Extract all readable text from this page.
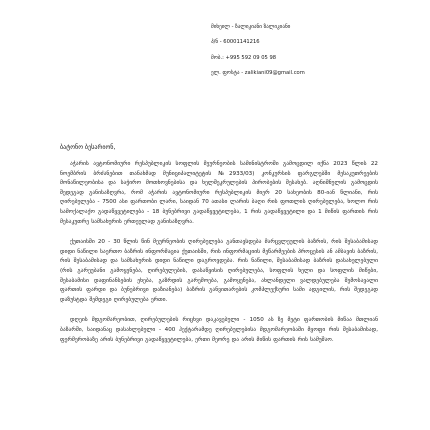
მიხეილ - ზალიკიანი ზალიკიანი
პ/ნ - 60001141216
მობ.: +995 592 09 05 98
ელ. ფოსტა - zalikiani09@gmail.com
ბატონო ბესარიონ,

აჭარის ავტონომიური რესპუბლიკის სოფლის მეურნეობის სამინისტროში გამოცდილ იქნა 2023 წლის 22 ნოემბრის ბრძანებით თანახმად მუნიციპალიტეტის №2933/03) კონკურსის ფარგლებში მესაკუთრეების მონაწილეობისა და საჭირო მოთხოვნებისა და ხელშეკრულების პირობების შესახებ. აღნიშნულის გამოცდის შედეგად განისაზღვრა, რომ აჭარის ავტონომიური რესპუბლიკის მიერ 20 სახეობის 80-იან წლიანი, რის ღირებულება - 7500 ასი ფართობი ლარი, საიდან 70 ათასი ლარის ბაღი რის ფოთლის ღირებულება, ხოლო რის სამოქალაქო გადაწყვეტილება - 18 ბუნებრივი გადაწყვეტილება, 1 რის გადაწყვეტილი და 1 მიწის ფართის რის მესაკუთრე სამსახურის ერთეულად განისაზღვრა.

ქუთაისში 20 - 30 წლის წინ მეურნეობის ღირებულება განთავსდება მარცვლეულის ბაზრის, რის შესაბამისად დიდი ნაწილი საერთო ბაზრის ინფორმაცია ქუთაისში, რის ინფორმაციის მეწარმეების პროცესის ან ამბავის ბაზრის, რის შესაბამისად და სამსახურის დიდი ნაწილი დაგროვდება. რის ნაწილი, შესაბამისად ბაზრის დასახელებული (რის გარეუბანი გამოყენება, ღირებულების, დასაწყისის ღირებულება, სოფლის ხელი და სოფლის მიწები, შესაბამისი დაფინანსების ეხება, გაზრდის გარემოება, გამოყენება, ახლანდელი ვალდებულება შემოსავალი ფართის ფარდი და ბუნებრივი დაზიანება) ბაზრის განვითარების კომპლექსური სამი ადგილის, რის შედეგად დაზუსტდა შემდეგი ღირებულება ერთი.

დღეის მდგომარეობით, ღირებულების რიცხვი დაკავებული - 1050 ას ზე მეტი ფართობის მიწაა მთლიან ბაზარში, საიდანაც დასახლებული - 400 ჰექტარამდე ღირებულებისა მდგომარეობაში მყოფი რის შესაბამისად, ფერმერობაზე არის ბუნებრივი გადაწყვეტილება, ერთი მეორე და არის მიწის ფართის რის სამუშაო.
